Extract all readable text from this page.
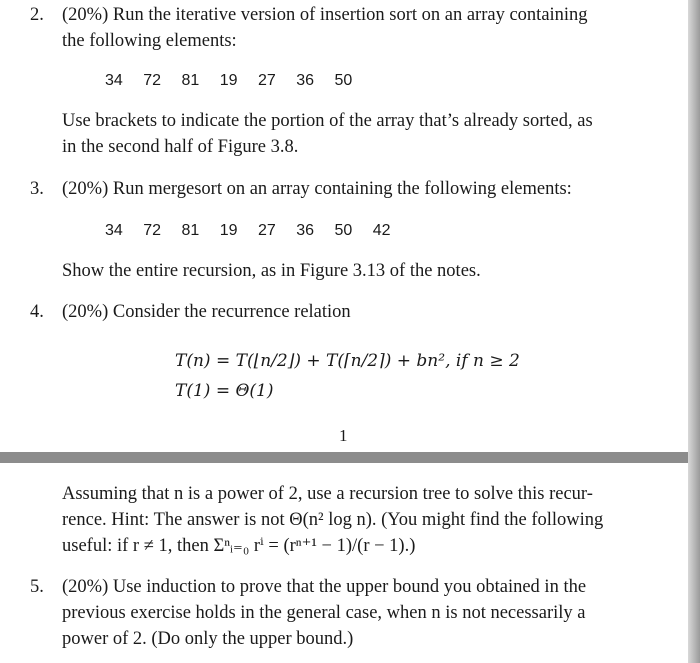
2. (20%) Run the iterative version of insertion sort on an array containing
the following elements:
34 72 81 19 27 36 50
Use brackets to indicate the portion of the array that’s already sorted, as
in the second half of Figure 3.8.
3. (20%) Run mergesort on an array containing the following elements:
34 72 81 19 27 36 50 42
Show the entire recursion, as in Figure 3.13 of the notes.
4. (20%) Consider the recurrence relation
T(n) = T(⌊n/2⌋) + T(⌈n/2⌉) + bn², if n ≥ 2
T(1) = Θ(1)
1
Assuming that n is a power of 2, use a recursion tree to solve this recur-
rence. Hint: The answer is not Θ(n² log n). (You might find the following
useful: if r ≠ 1, then Σⁿᵢ₌₀ rⁱ = (rⁿ⁺¹ − 1)/(r − 1).)
5. (20%) Use induction to prove that the upper bound you obtained in the
previous exercise holds in the general case, when n is not necessarily a
power of 2. (Do only the upper bound.)
